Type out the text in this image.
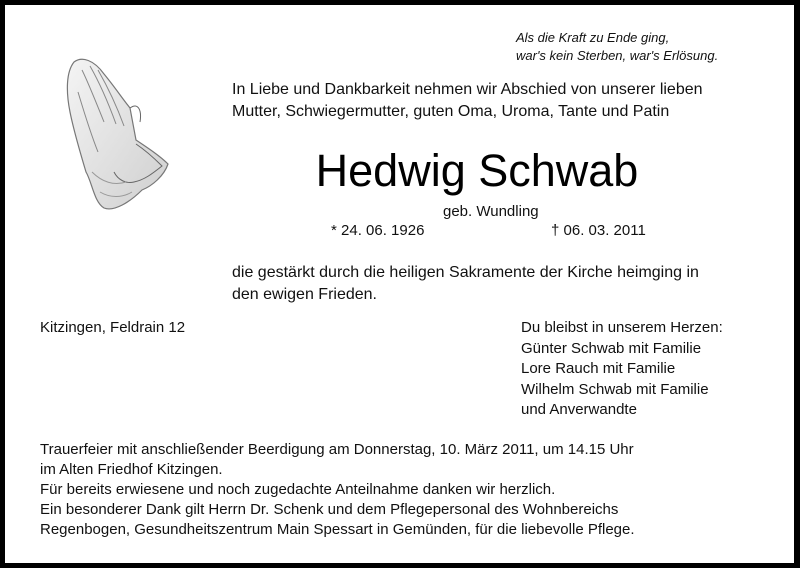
Als die Kraft zu Ende ging,
war's kein Sterben, war's Erlösung.
In Liebe und Dankbarkeit nehmen wir Abschied von unserer lieben
Mutter, Schwiegermutter, guten Oma, Uroma, Tante und Patin
Hedwig Schwab
geb. Wundling
* 24. 06. 1926	† 06. 03. 2011
die gestärkt durch die heiligen Sakramente der Kirche heimging in
den ewigen Frieden.
Kitzingen, Feldrain 12	Du bleibst in unserem Herzen:
Günter Schwab mit Familie
Lore Rauch mit Familie
Wilhelm Schwab mit Familie
und Anverwandte
Trauerfeier mit anschließender Beerdigung am Donnerstag, 10. März 2011, um 14.15 Uhr
im Alten Friedhof Kitzingen.
Für bereits erwiesene und noch zugedachte Anteilnahme danken wir herzlich.
Ein besonderer Dank gilt Herrn Dr. Schenk und dem Pflegepersonal des Wohnbereichs
Regenbogen, Gesundheitszentrum Main Spessart in Gemünden, für die liebevolle Pflege.
